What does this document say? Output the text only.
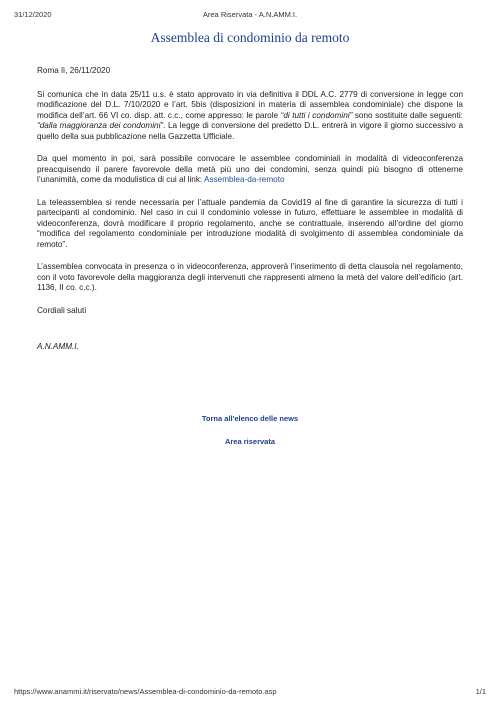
31/12/2020	Area Riservata - A.N.AMM.I.
Assemblea di condominio da remoto

Roma lì, 26/11/2020

Si comunica che in data 25/11 u.s. è stato approvato in via definitiva il DDL A.C. 2779 di conversione in legge con modificazione del D.L. 7/10/2020 e l’art. 5bis (disposizioni in materia di assemblea condominiale) che dispone la modifica dell’art. 66 VI co. disp. att. c.c., come appresso: le parole “di tutti i condomini” sono sostituite dalle seguenti: “dalla maggioranza dei condomini”. La legge di conversione del predetto D.L. entrerà in vigore il giorno successivo a quello della sua pubblicazione nella Gazzetta Ufficiale.

Da quel momento in poi, sarà possibile convocare le assemblee condominiali in modalità di videoconferenza preacquisendo il parere favorevole della metà più uno dei condomini, senza quindi più bisogno di ottenerne l’unanimità, come da modulistica di cui al link: Assemblea-da-remoto

La teleassemblea si rende necessaria per l’attuale pandemia da Covid19 al fine di garantire la sicurezza di tutti i partecipanti al condominio. Nel caso in cui il condominio volesse in futuro, effettuare le assemblee in modalità di videoconferenza, dovrà modificare il proprio regolamento, anche se contrattuale, inserendo all’ordine del giorno “modifica del regolamento condominiale per introduzione modalità di svolgimento di assemblea condominiale da remoto”.

L’assemblea convocata in presenza o in videoconferenza, approverà l’inserimento di detta clausola nel regolamento, con il voto favorevole della maggioranza degli intervenuti che rappresenti almeno la metà del valore dell’edificio (art. 1136, II co. c.c.).

Cordiali saluti

A.N.AMM.I.

Torna all'elenco delle news
Area riservata
https://www.anammi.it/riservato/news/Assemblea-di-condominio-da-remoto.asp	1/1
